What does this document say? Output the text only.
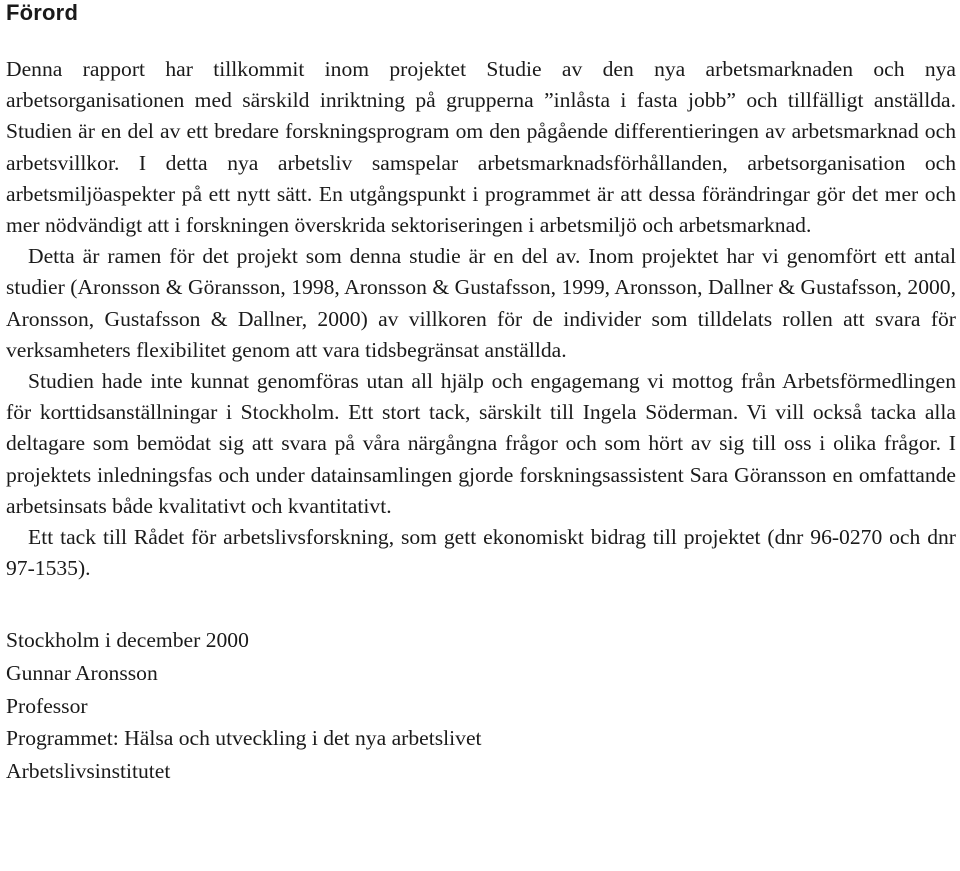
Förord

Denna rapport har tillkommit inom projektet Studie av den nya arbetsmarknaden och nya arbetsorganisationen med särskild inriktning på grupperna ”inlåsta i fasta jobb” och tillfälligt anställda. Studien är en del av ett bredare forskningsprogram om den pågående differentieringen av arbetsmarknad och arbetsvillkor. I detta nya arbetsliv samspelar arbetsmarknadsförhållanden, arbetsorganisation och arbetsmiljöaspekter på ett nytt sätt. En utgångspunkt i programmet är att dessa förändringar gör det mer och mer nödvändigt att i forskningen överskrida sektoriseringen i arbetsmiljö och arbetsmarknad.

Detta är ramen för det projekt som denna studie är en del av. Inom projektet har vi genomfört ett antal studier (Aronsson & Göransson, 1998, Aronsson & Gustafsson, 1999, Aronsson, Dallner & Gustafsson, 2000, Aronsson, Gustafsson & Dallner, 2000) av villkoren för de individer som tilldelats rollen att svara för verksamheters flexibilitet genom att vara tidsbegränsat anställda.

Studien hade inte kunnat genomföras utan all hjälp och engagemang vi mottog från Arbetsförmedlingen för korttidsanställningar i Stockholm. Ett stort tack, särskilt till Ingela Söderman. Vi vill också tacka alla deltagare som bemödat sig att svara på våra närgångna frågor och som hört av sig till oss i olika frågor. I projektets inledningsfas och under datainsamlingen gjorde forskningsassistent Sara Göransson en omfattande arbetsinsats både kvalitativt och kvantitativt.

Ett tack till Rådet för arbetslivsforskning, som gett ekonomiskt bidrag till projektet (dnr 96-0270 och dnr 97-1535).

Stockholm i december 2000
Gunnar Aronsson
Professor
Programmet: Hälsa och utveckling i det nya arbetslivet
Arbetslivsinstitutet
